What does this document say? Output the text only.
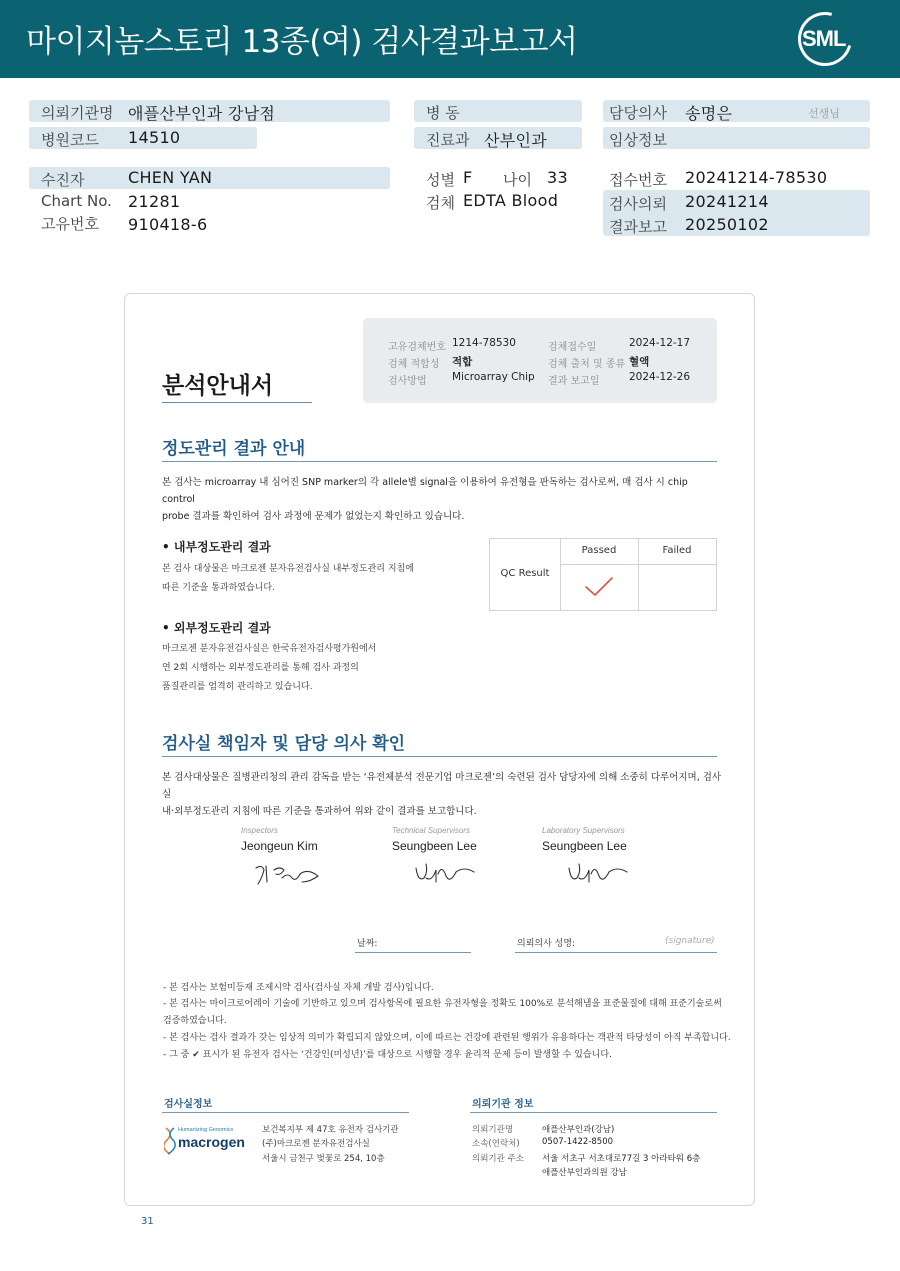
마이지놈스토리 13종(여) 검사결과보고서	SML
의뢰기관명 애플산부인과 강남점
병원코드 14510
병 동
진료과 산부인과
담당의사 송명은	선생님
임상정보
수진자	CHEN YAN
Chart No. 21281
고유번호 910418-6
성별 F 나이 33
검체 EDTA Blood
접수번호 20241214-78530
검사의뢰 20241214
결과보고 20250102
분석안내서
고유검체번호 1214-78530	검체접수일	2024-12-17
검체 적합성 적합	검체 출처 및 종류 혈액
검사방법 Microarray Chip 결과 보고일	2024-12-26
정도관리 결과 안내
본 검사는 microarray 내 심어진 SNP marker의 각 allele별 signal을 이용하여 유전형을 판독하는 검사로써, 매 검사 시 chip control
probe 결과를 확인하여 검사 과정에 문제가 없었는지 확인하고 있습니다.
• 내부정도관리 결과
본 검사 대상물은 마크로젠 분자유전검사실 내부정도관리 지침에
따른 기준을 통과하였습니다.
• 외부정도관리 결과
마크로젠 분자유전검사실은 한국유전자검사평가원에서
연 2회 시행하는 외부정도관리를 통해 검사 과정의
품질관리를 엄격히 관리하고 있습니다.
Passed	Failed
QC Result
검사실 책임자 및 담당 의사 확인
본 검사대상물은 질병관리청의 관리 감독을 받는 ‘유전체분석 전문기업 마크로젠’의 숙련된 검사 담당자에 의해 소중히 다루어지며, 검사실
내·외부정도관리 지침에 따른 기준을 통과하여 위와 같이 결과를 보고합니다.
Inspectors
Jeongeun Kim
Technical Supervisors
Seungbeen Lee
Laboratory Supervisors
Seungbeen Lee
날짜:	의뢰의사 성명:	(signature)
- 본 검사는 보험미등재 조제시약 검사(검사실 자체 개발 검사)입니다.
- 본 검사는 마이크로어레이 기술에 기반하고 있으며 검사항목에 필요한 유전자형을 정확도 100%로 분석해냄을 표준물질에 대해 표준기술로써
검증하였습니다.
- 본 검사는 검사 결과가 갖는 임상적 의미가 확립되지 않았으며, 이에 따르는 건강에 관련된 행위가 유용하다는 객관적 타당성이 아직 부족합니다.
- 그 중 ✔ 표시가 된 유전자 검사는 ‘건강인(미성년)’를 대상으로 시행할 경우 윤리적 문제 등이 발생할 수 있습니다.
검사실정보
Humanizing Genomics
macrogen
보건복지부 제 47호 유전자 검사기관
(주)마크로젠 분자유전검사실
서울시 금천구 벚꽃로 254, 10층
의뢰기관 정보
의뢰기관명	애플산부인과(강남)
소속(연락처)	0507-1422-8500
의뢰기관 주소 서울 서초구 서초대로77길 3 아라타워 6층
애플산부인과의원 강남
31
